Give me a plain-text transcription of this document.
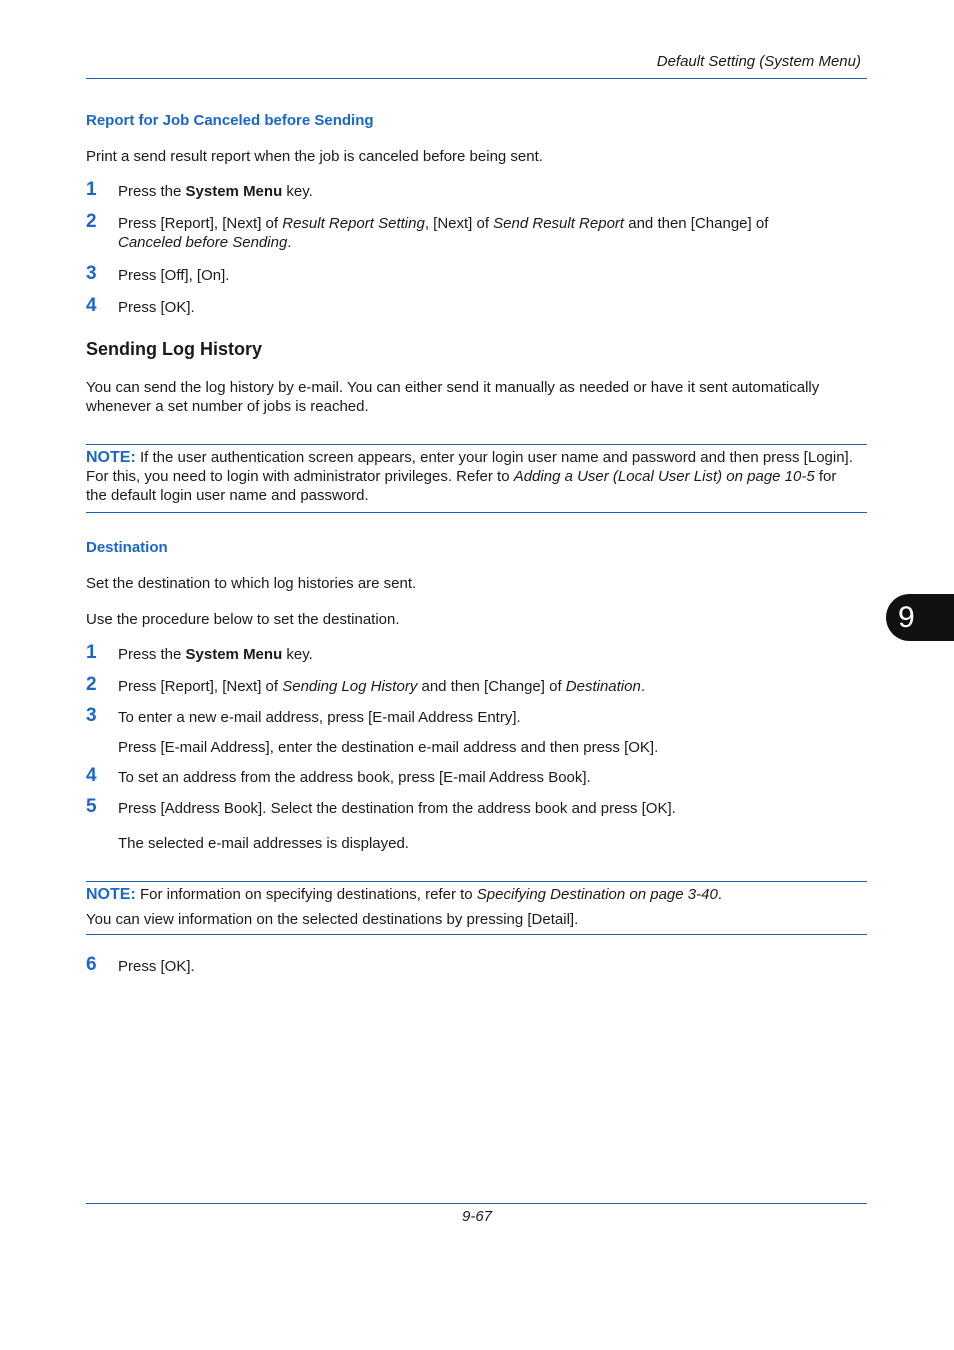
Default Setting (System Menu)
Report for Job Canceled before Sending
Print a send result report when the job is canceled before being sent.
1 Press the System Menu key.
2 Press [Report], [Next] of Result Report Setting, [Next] of Send Result Report and then [Change] of
Canceled before Sending.
3 Press [Off], [On].
4 Press [OK].
Sending Log History
You can send the log history by e-mail. You can either send it manually as needed or have it sent automatically whenever a set number of jobs is reached.
NOTE: If the user authentication screen appears, enter your login user name and password and then press [Login]. For this, you need to login with administrator privileges. Refer to Adding a User (Local User List) on page 10-5 for the default login user name and password.
Destination
Set the destination to which log histories are sent.
Use the procedure below to set the destination.
1 Press the System Menu key.
2 Press [Report], [Next] of Sending Log History and then [Change] of Destination.
3 To enter a new e-mail address, press [E-mail Address Entry].
Press [E-mail Address], enter the destination e-mail address and then press [OK].
4 To set an address from the address book, press [E-mail Address Book].
5 Press [Address Book]. Select the destination from the address book and press [OK].
The selected e-mail addresses is displayed.
NOTE: For information on specifying destinations, refer to Specifying Destination on page 3-40.
You can view information on the selected destinations by pressing [Detail].
6 Press [OK].
9
9-67
